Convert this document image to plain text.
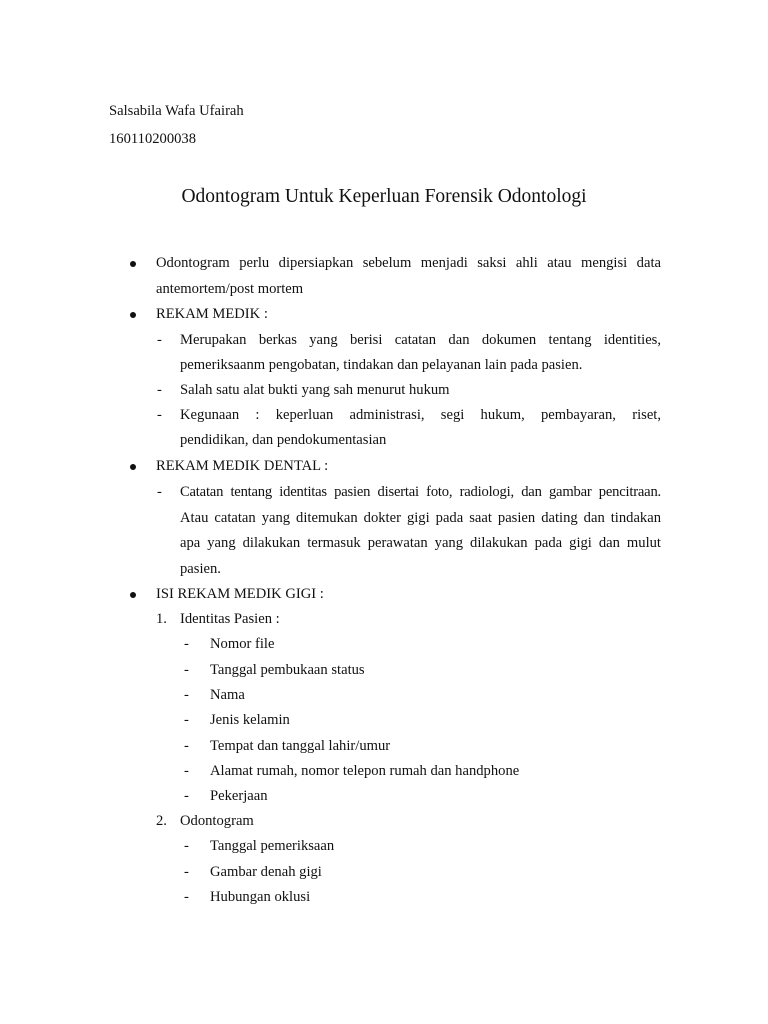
Salsabila Wafa Ufairah
160110200038
Odontogram Untuk Keperluan Forensik Odontologi
Odontogram perlu dipersiapkan sebelum menjadi saksi ahli atau mengisi data
antemortem/post mortem
REKAM MEDIK :
- Merupakan berkas yang berisi catatan dan dokumen tentang identities,
pemeriksaanm pengobatan, tindakan dan pelayanan lain pada pasien.
- Salah satu alat bukti yang sah menurut hukum
- Kegunaan : keperluan administrasi, segi hukum, pembayaran, riset,
pendidikan, dan pendokumentasian
REKAM MEDIK DENTAL :
- Catatan tentang identitas pasien disertai foto, radiologi, dan gambar pencitraan.
Atau catatan yang ditemukan dokter gigi pada saat pasien dating dan tindakan
apa yang dilakukan termasuk perawatan yang dilakukan pada gigi dan mulut
pasien.
ISI REKAM MEDIK GIGI :
1. Identitas Pasien :
- Nomor file
- Tanggal pembukaan status
- Nama
- Jenis kelamin
- Tempat dan tanggal lahir/umur
- Alamat rumah, nomor telepon rumah dan handphone
- Pekerjaan
2. Odontogram
- Tanggal pemeriksaan
- Gambar denah gigi
- Hubungan oklusi
